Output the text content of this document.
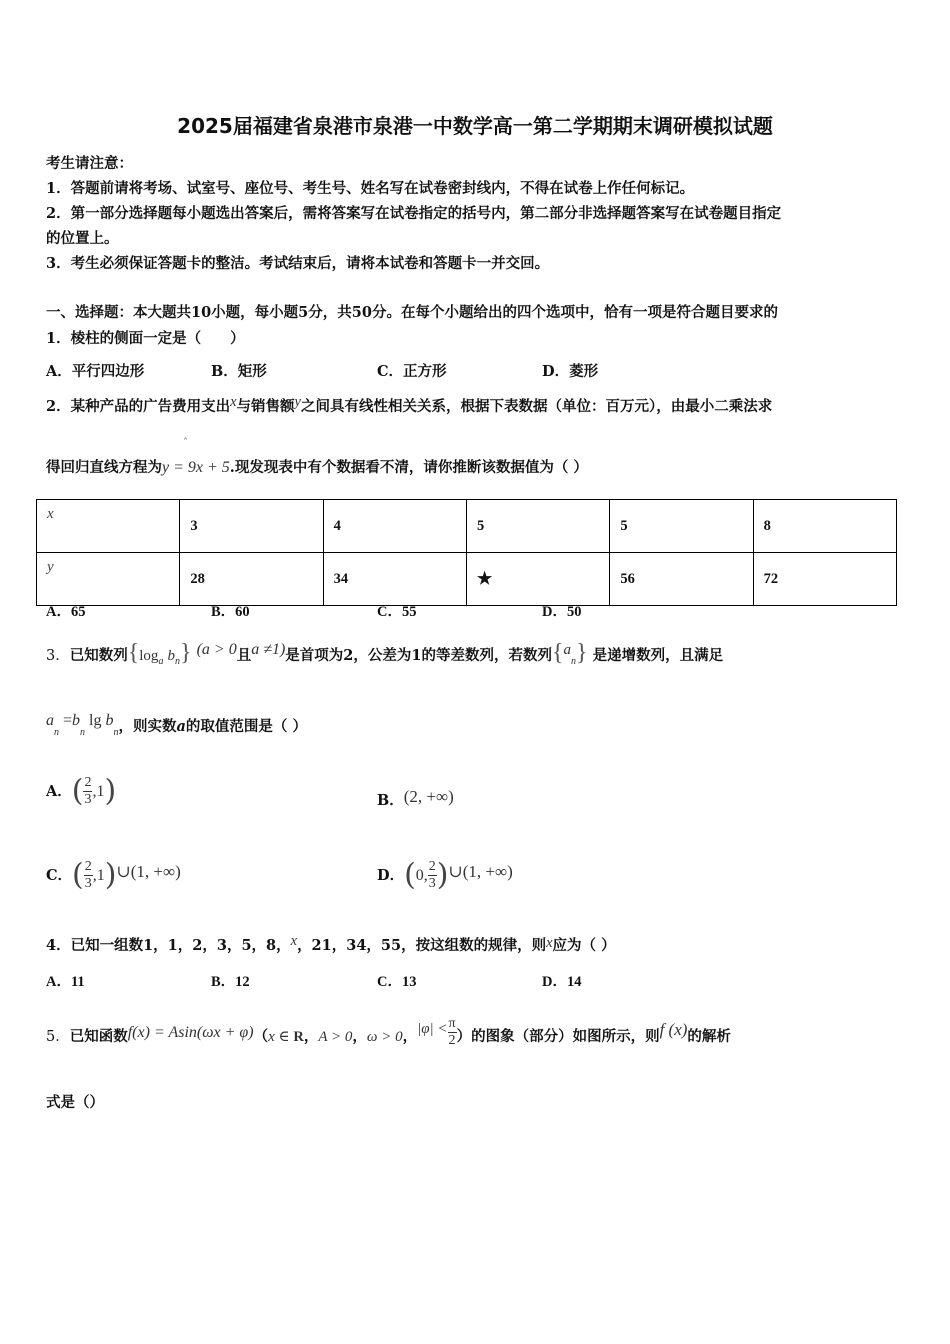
2025届福建省泉港市泉港一中数学高一第二学期期末调研模拟试题
考生请注意：
1．答题前请将考场、试室号、座位号、考生号、姓名写在试卷密封线内，不得在试卷上作任何标记。
2．第一部分选择题每小题选出答案后，需将答案写在试卷指定的括号内，第二部分非选择题答案写在试卷题目指定
的位置上。
3．考生必须保证答题卡的整洁。考试结束后，请将本试卷和答题卡一并交回。
一、选择题：本大题共10小题，每小题5分，共50分。在每个小题给出的四个选项中，恰有一项是符合题目要求的
1．棱柱的侧面一定是（　　）
A．平行四边形	B．矩形	C．正方形	D．菱形
2．某种产品的广告费用支出x与销售额y之间具有线性相关关系，根据下表数据（单位：百万元），由最小二乘法求
ˆ
得回归直线方程为y = 9x + 5.现发现表中有个数据看不清，请你推断该数据值为（ ）
x	3	4	5	5	8
y	28	34	★	56	72
A．65	B．60	C．55	D．50
3．已知数列{$\log_a$ $b_n$} (a > 0且a ≠1)是首项为2，公差为1的等差数列，若数列$\{a_n\}$ 是递增数列，且满足
$a_n =b_n$ $\lg b_n$，则实数a的取值范围是（ ）
A．( $\frac{2}{3} ,1$)	B．(2, +∞)
C．( $\frac{2}{3}$ ,1)∪(1, +∞)	D．(0, $\frac{2}{3}$ )∪(1, +∞)
4．已知一组数1，1，2，3，5，8，x，21，34，55，按这组数的规律，则x应为（ ）
A．11	B．12	C．13	D．14
5．已知函数f(x) = Asin(ωx + φ)（x ∈ R，A > 0，ω > 0，$|\varphi| < \frac{\pi}{2}$ ）的图象（部分）如图所示，则f (x)的解析
式是（）
